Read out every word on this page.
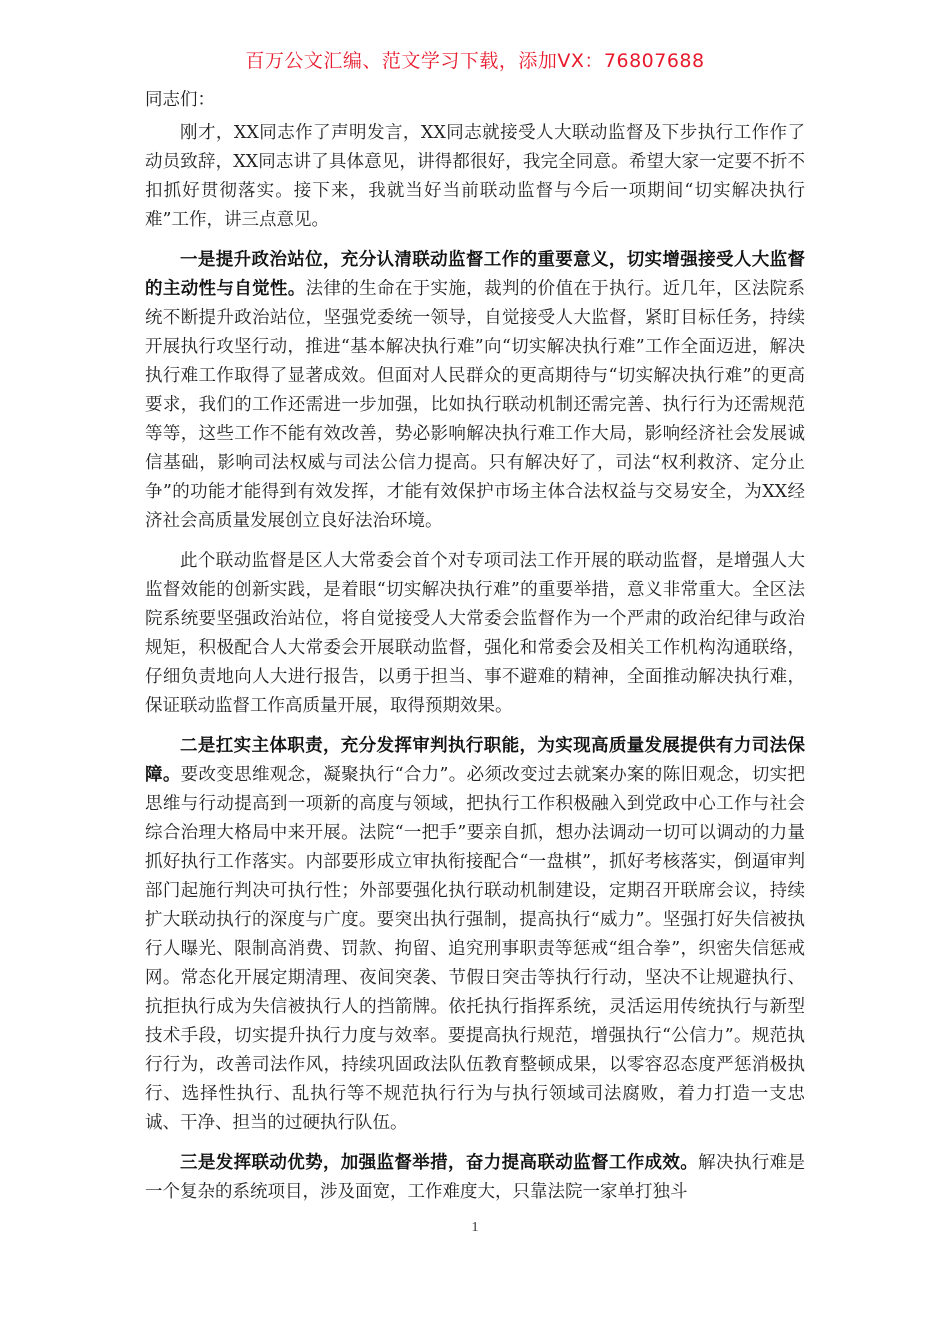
百万公文汇编、范文学习下载，添加VX：76807688

同志们：

刚才，XX同志作了声明发言，XX同志就接受人大联动监督及下步执行工作作了动员致辞，XX同志讲了具体意见，讲得都很好，我完全同意。希望大家一定要不折不扣抓好贯彻落实。接下来，我就当好当前联动监督与今后一项期间“切实解决执行难”工作，讲三点意见。

一是提升政治站位，充分认清联动监督工作的重要意义，切实增强接受人大监督的主动性与自觉性。法律的生命在于实施，裁判的价值在于执行。近几年，区法院系统不断提升政治站位，坚强党委统一领导，自觉接受人大监督，紧盯目标任务，持续开展执行攻坚行动，推进“基本解决执行难”向“切实解决执行难”工作全面迈进，解决执行难工作取得了显著成效。但面对人民群众的更高期待与“切实解决执行难”的更高要求，我们的工作还需进一步加强，比如执行联动机制还需完善、执行行为还需规范等等，这些工作不能有效改善，势必影响解决执行难工作大局，影响经济社会发展诚信基础，影响司法权威与司法公信力提高。只有解决好了，司法“权利救济、定分止争”的功能才能得到有效发挥，才能有效保护市场主体合法权益与交易安全，为XX经济社会高质量发展创立良好法治环境。

此个联动监督是区人大常委会首个对专项司法工作开展的联动监督，是增强人大监督效能的创新实践，是着眼“切实解决执行难”的重要举措，意义非常重大。全区法院系统要坚强政治站位，将自觉接受人大常委会监督作为一个严肃的政治纪律与政治规矩，积极配合人大常委会开展联动监督，强化和常委会及相关工作机构沟通联络，仔细负责地向人大进行报告，以勇于担当、事不避难的精神，全面推动解决执行难，保证联动监督工作高质量开展，取得预期效果。

二是扛实主体职责，充分发挥审判执行职能，为实现高质量发展提供有力司法保障。要改变思维观念，凝聚执行“合力”。必须改变过去就案办案的陈旧观念，切实把思维与行动提高到一项新的高度与领域，把执行工作积极融入到党政中心工作与社会综合治理大格局中来开展。法院“一把手”要亲自抓，想办法调动一切可以调动的力量抓好执行工作落实。内部要形成立审执衔接配合“一盘棋”，抓好考核落实，倒逼审判部门起施行判决可执行性；外部要强化执行联动机制建设，定期召开联席会议，持续扩大联动执行的深度与广度。要突出执行强制，提高执行“威力”。坚强打好失信被执行人曝光、限制高消费、罚款、拘留、追究刑事职责等惩戒“组合拳”，织密失信惩戒网。常态化开展定期清理、夜间突袭、节假日突击等执行行动，坚决不让规避执行、抗拒执行成为失信被执行人的挡箭牌。依托执行指挥系统，灵活运用传统执行与新型技术手段，切实提升执行力度与效率。要提高执行规范，增强执行“公信力”。规范执行行为，改善司法作风，持续巩固政法队伍教育整顿成果，以零容忍态度严惩消极执行、选择性执行、乱执行等不规范执行行为与执行领域司法腐败，着力打造一支忠诚、干净、担当的过硬执行队伍。

三是发挥联动优势，加强监督举措，奋力提高联动监督工作成效。解决执行难是一个复杂的系统项目，涉及面宽，工作难度大，只靠法院一家单打独斗

1
